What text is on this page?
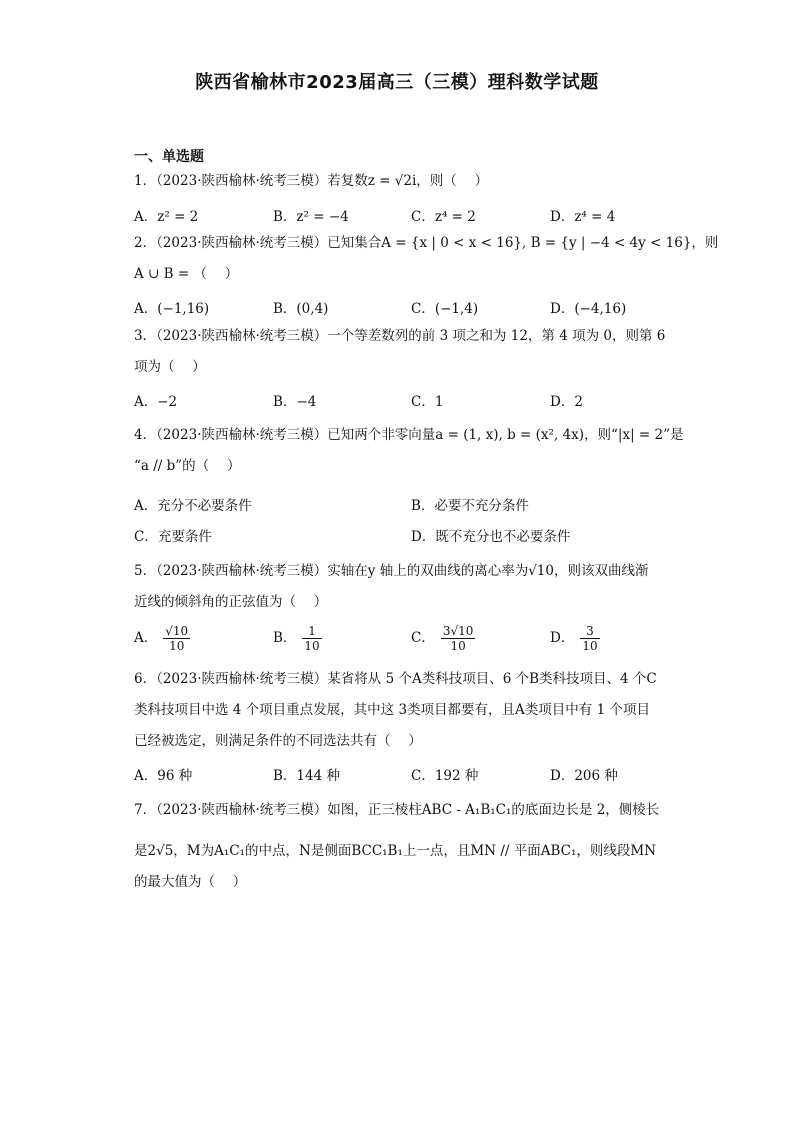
陕西省榆林市2023届高三（三模）理科数学试题
一、单选题
1．（2023·陕西榆林·统考三模）若复数z = √2i，则（　 ）
A．z² = 2	B．z² = −4	C．z⁴ = 2	D．z⁴ = 4
2．（2023·陕西榆林·统考三模）已知集合A = {x | 0 < x < 16}, B = {y | −4 < 4y < 16}，则
A ∪ B = （　 ）
A．(−1,16)	B．(0,4)	C．(−1,4)	D．(−4,16)
3．（2023·陕西榆林·统考三模）一个等差数列的前 3 项之和为 12，第 4 项为 0，则第 6
项为（　 ）
A．−2	B．−4	C．1	D．2
4．（2023·陕西榆林·统考三模）已知两个非零向量a = (1, x), b = (x², 4x)，则“|x| = 2”是
“a // b”的（　 ）
A．充分不必要条件	B．必要不充分条件
C．充要条件	D．既不充分也不必要条件
5．（2023·陕西榆林·统考三模）实轴在y 轴上的双曲线的离心率为√10，则该双曲线渐
近线的倾斜角的正弦值为（　 ）
A． $\frac{√10}{10}$	B． $\frac{1}{10}$	C． $\frac{3√10}{10}$	D． $\frac{3}{10}$
6．（2023·陕西榆林·统考三模）某省将从 5 个A类科技项目、6 个B类科技项目、4 个C
类科技项目中选 4 个项目重点发展，其中这 3类项目都要有，且A类项目中有 1 个项目
已经被选定，则满足条件的不同选法共有（　 ）
A．96 种	B．144 种	C．192 种	D．206 种
7．（2023·陕西榆林·统考三模）如图，正三棱柱ABC - A₁B₁C₁的底面边长是 2，侧棱长
是2√5，M为A₁C₁的中点，N是侧面BCC₁B₁上一点，且MN // 平面ABC₁，则线段MN
的最大值为（　 ）
